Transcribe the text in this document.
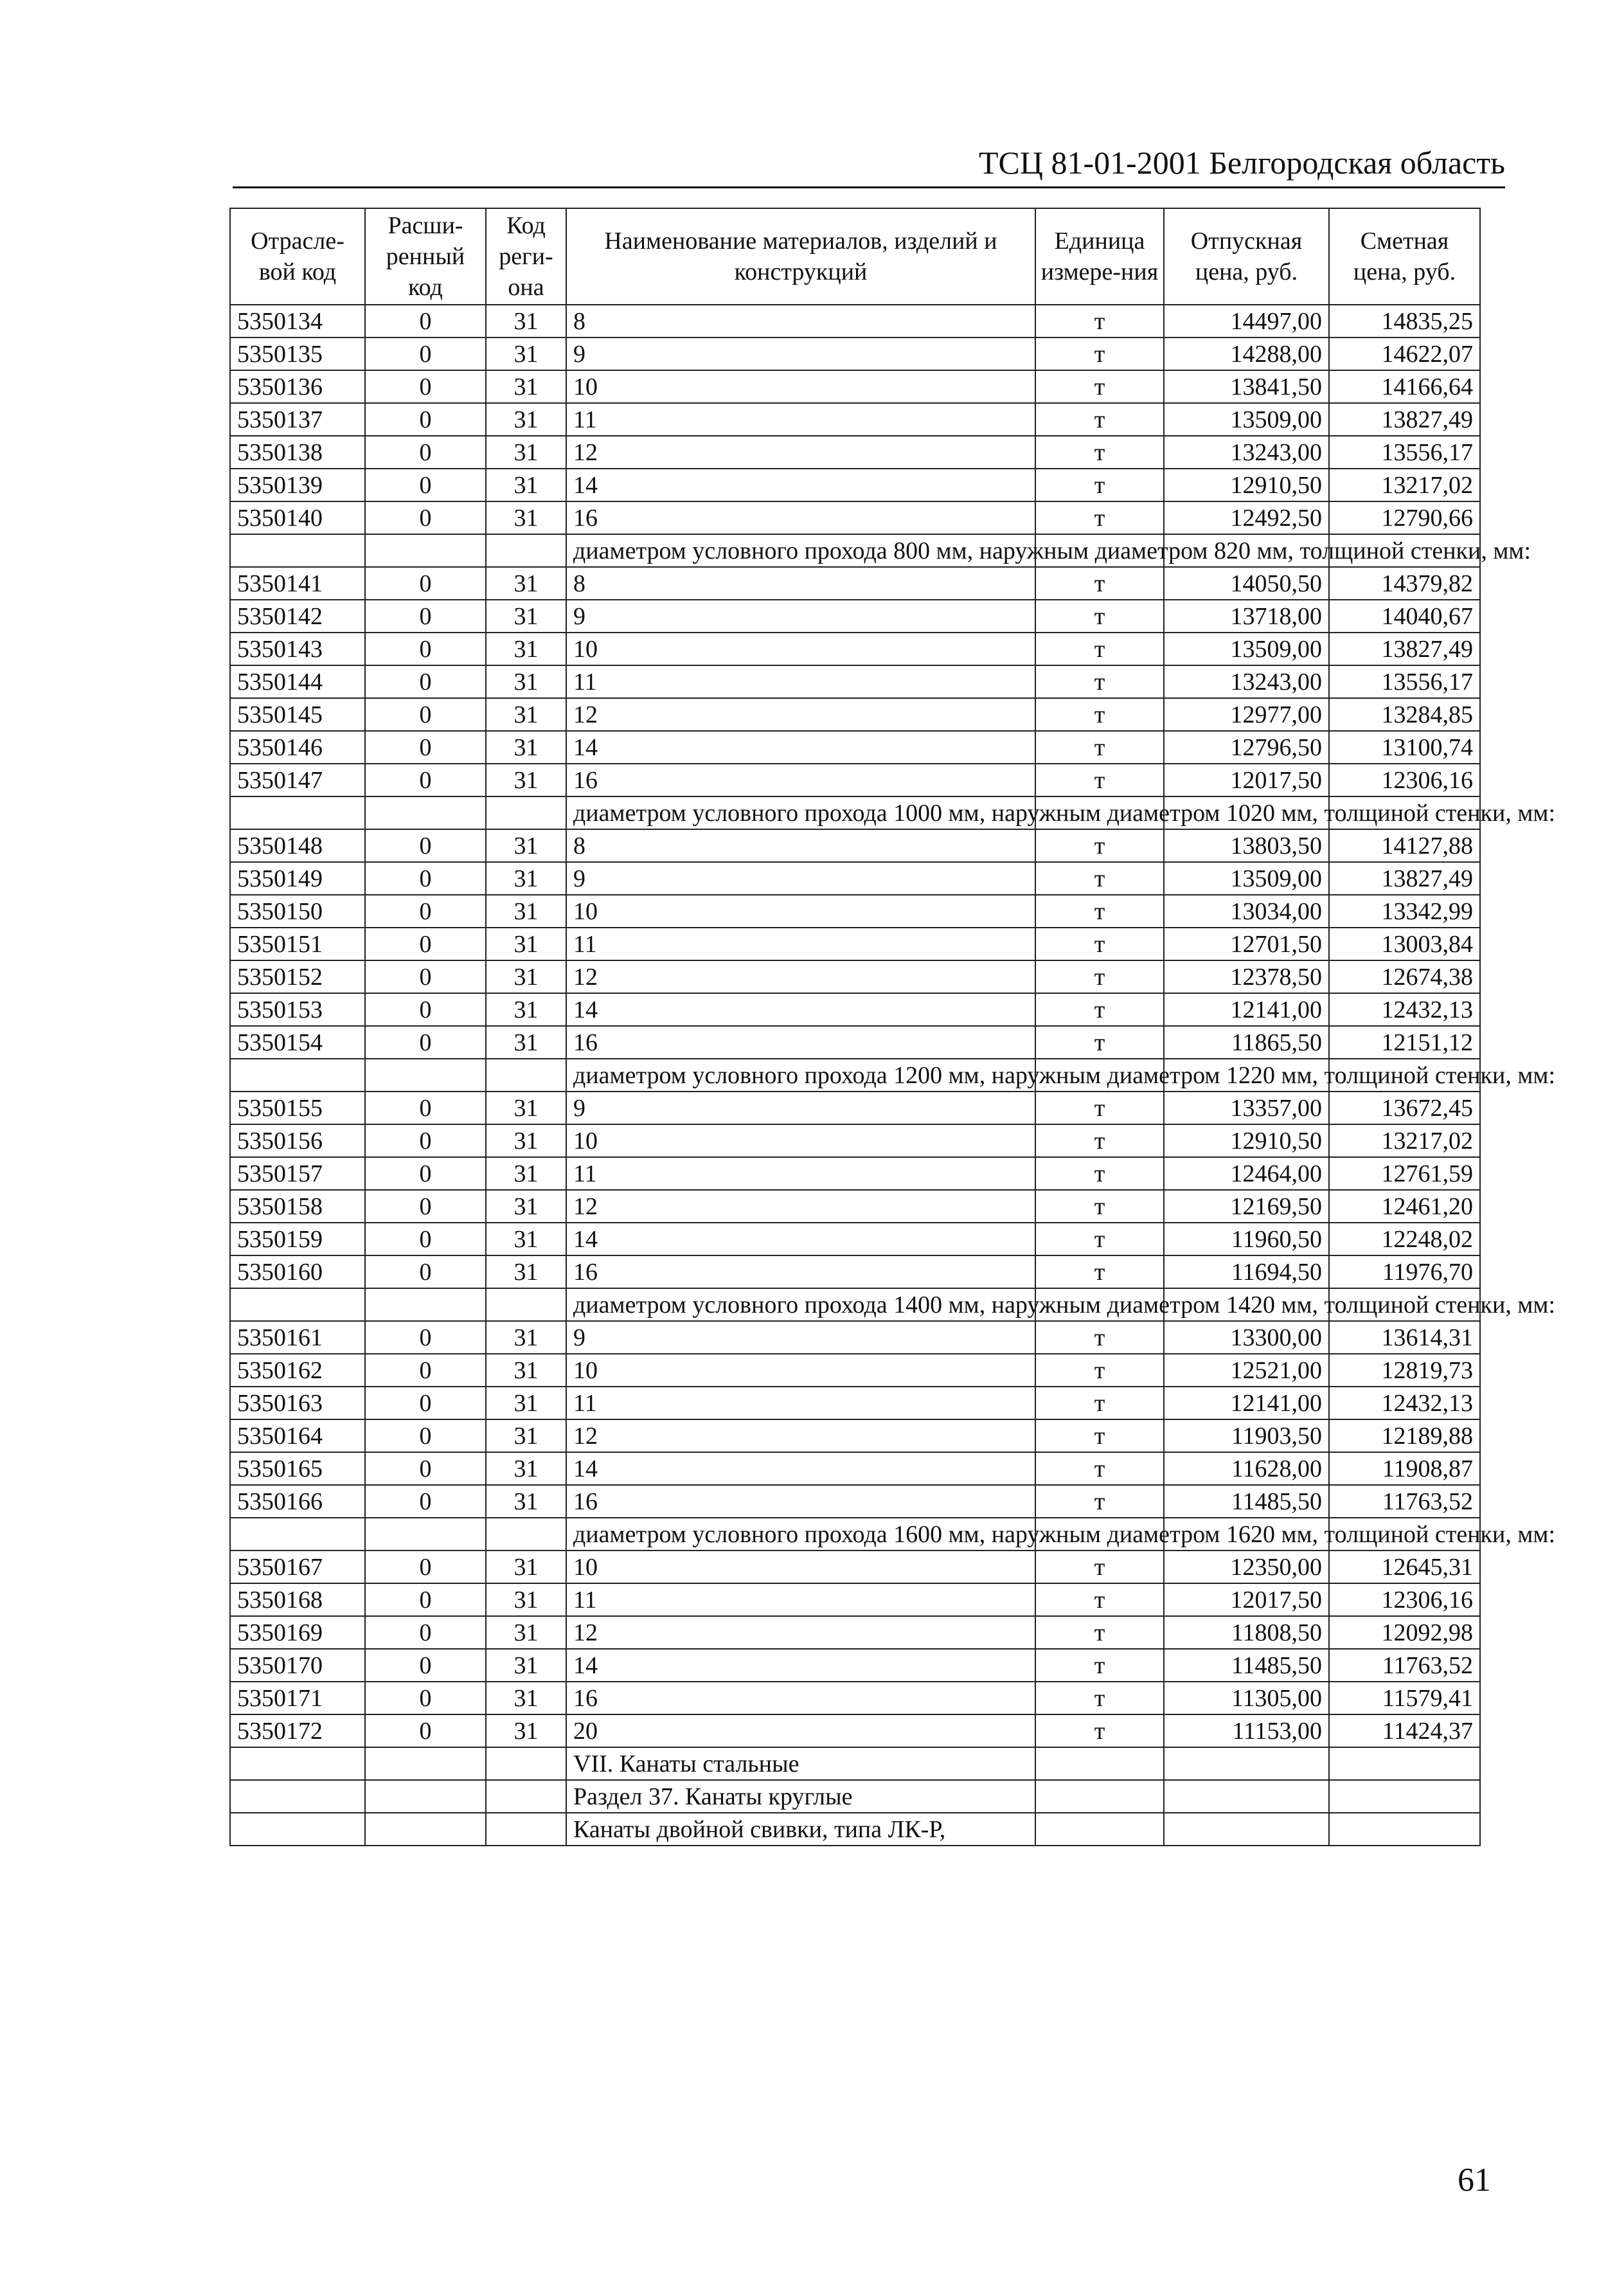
ТСЦ 81-01-2001 Белгородская область
Отрасле-вой код	Расши-ренный код	Код реги-она	Наименование материалов, изделий и конструкций	Единица измере-ния	Отпускная цена, руб.	Сметная цена, руб.
5350134	0	31	8	т	14497,00	14835,25
5350135	0	31	9	т	14288,00	14622,07
5350136	0	31	10	т	13841,50	14166,64
5350137	0	31	11	т	13509,00	13827,49
5350138	0	31	12	т	13243,00	13556,17
5350139	0	31	14	т	12910,50	13217,02
5350140	0	31	16	т	12492,50	12790,66
			диаметром условного прохода 800 мм, наружным диаметром 820 мм, толщиной стенки, мм:			
5350141	0	31	8	т	14050,50	14379,82
5350142	0	31	9	т	13718,00	14040,67
5350143	0	31	10	т	13509,00	13827,49
5350144	0	31	11	т	13243,00	13556,17
5350145	0	31	12	т	12977,00	13284,85
5350146	0	31	14	т	12796,50	13100,74
5350147	0	31	16	т	12017,50	12306,16
			диаметром условного прохода 1000 мм, наружным диаметром 1020 мм, толщиной стенки, мм:			
5350148	0	31	8	т	13803,50	14127,88
5350149	0	31	9	т	13509,00	13827,49
5350150	0	31	10	т	13034,00	13342,99
5350151	0	31	11	т	12701,50	13003,84
5350152	0	31	12	т	12378,50	12674,38
5350153	0	31	14	т	12141,00	12432,13
5350154	0	31	16	т	11865,50	12151,12
			диаметром условного прохода 1200 мм, наружным диаметром 1220 мм, толщиной стенки, мм:			
5350155	0	31	9	т	13357,00	13672,45
5350156	0	31	10	т	12910,50	13217,02
5350157	0	31	11	т	12464,00	12761,59
5350158	0	31	12	т	12169,50	12461,20
5350159	0	31	14	т	11960,50	12248,02
5350160	0	31	16	т	11694,50	11976,70
			диаметром условного прохода 1400 мм, наружным диаметром 1420 мм, толщиной стенки, мм:			
5350161	0	31	9	т	13300,00	13614,31
5350162	0	31	10	т	12521,00	12819,73
5350163	0	31	11	т	12141,00	12432,13
5350164	0	31	12	т	11903,50	12189,88
5350165	0	31	14	т	11628,00	11908,87
5350166	0	31	16	т	11485,50	11763,52
			диаметром условного прохода 1600 мм, наружным диаметром 1620 мм, толщиной стенки, мм:			
5350167	0	31	10	т	12350,00	12645,31
5350168	0	31	11	т	12017,50	12306,16
5350169	0	31	12	т	11808,50	12092,98
5350170	0	31	14	т	11485,50	11763,52
5350171	0	31	16	т	11305,00	11579,41
5350172	0	31	20	т	11153,00	11424,37
			VII. Канаты стальные			
			Раздел 37. Канаты круглые			
			Канаты двойной свивки, типа ЛК-Р,			
61
